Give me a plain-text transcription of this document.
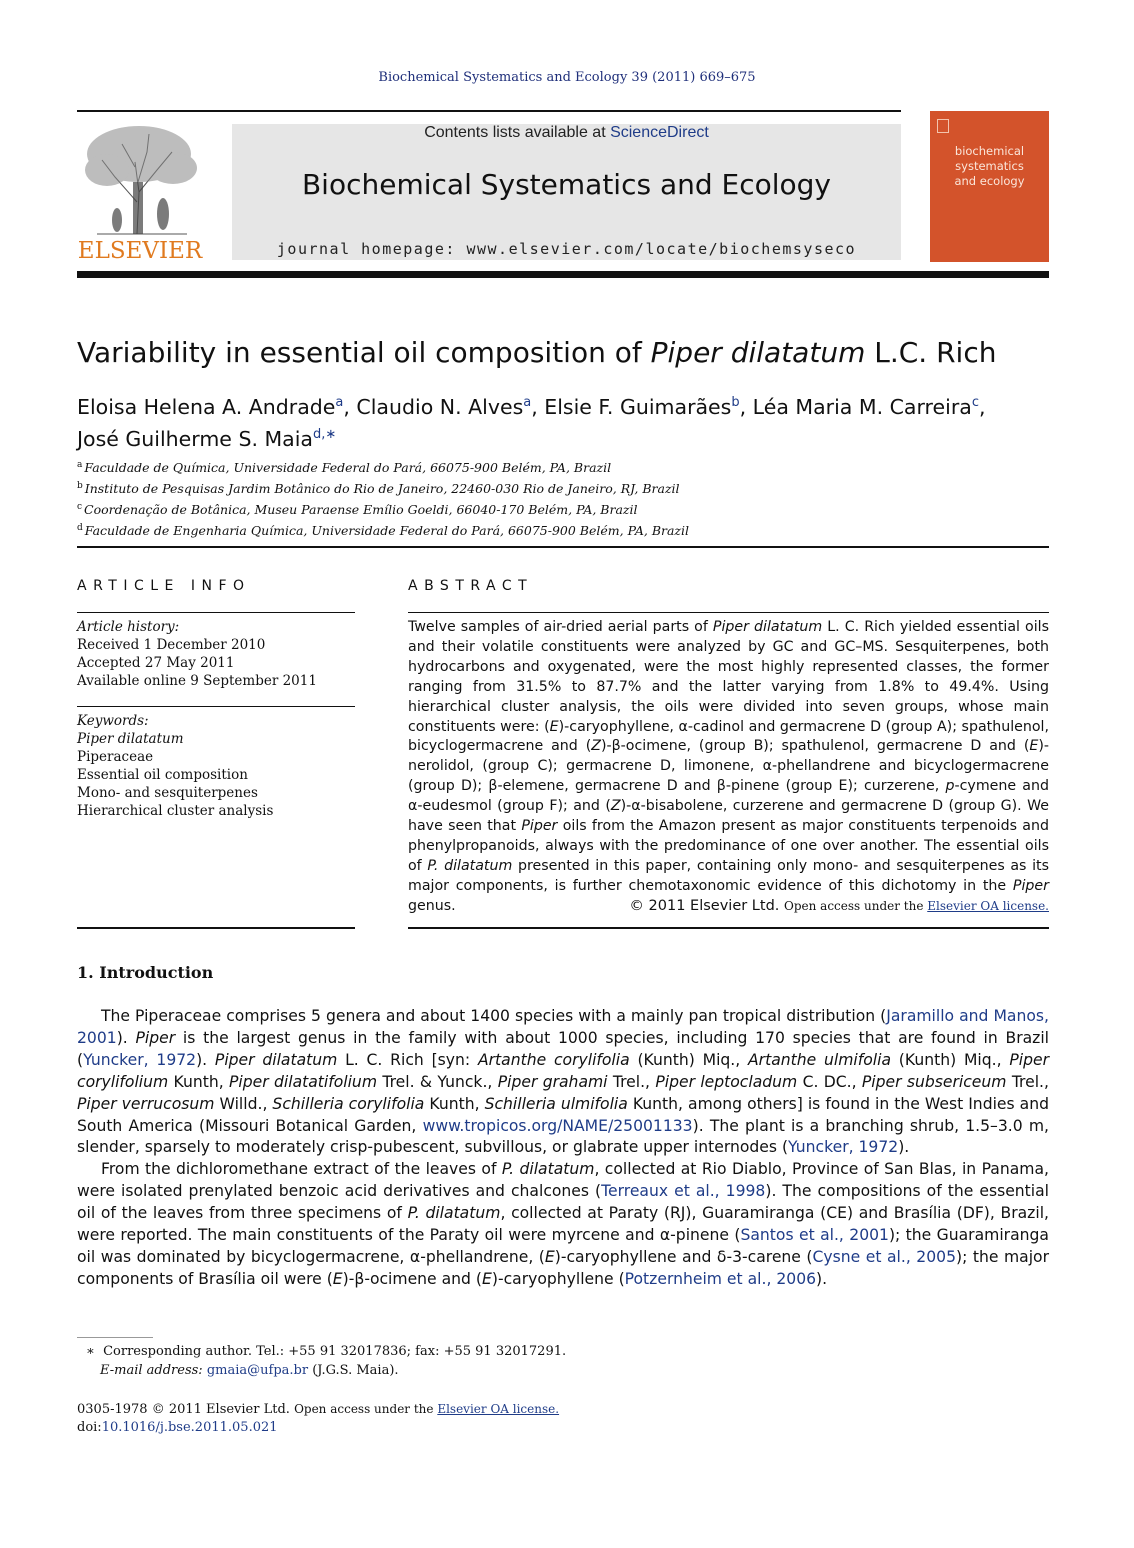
Biochemical Systematics and Ecology 39 (2011) 669–675
ELSEVIER
Contents lists available at ScienceDirect
Biochemical Systematics and Ecology
journal homepage: www.elsevier.com/locate/biochemsyseco
biochemical
systematics
and ecology
Variability in essential oil composition of Piper dilatatum L.C. Rich
Eloisa Helena A. Andrade$^a$, Claudio N. Alves$^a$, Elsie F. Guimarães$^b$, Léa Maria M. Carreira$^c$,
José Guilherme S. Maia$^{d,∗}$
$^a$ Faculdade de Química, Universidade Federal do Pará, 66075-900 Belém, PA, Brazil
$^b$ Instituto de Pesquisas Jardim Botânico do Rio de Janeiro, 22460-030 Rio de Janeiro, RJ, Brazil
$^c$ Coordenação de Botânica, Museu Paraense Emílio Goeldi, 66040-170 Belém, PA, Brazil
$^d$ Faculdade de Engenharia Química, Universidade Federal do Pará, 66075-900 Belém, PA, Brazil
ARTICLE INFO
Article history:
Received 1 December 2010
Accepted 27 May 2011
Available online 9 September 2011
Keywords:
Piper dilatatum
Piperaceae
Essential oil composition
Mono- and sesquiterpenes
Hierarchical cluster analysis
ABSTRACT
Twelve samples of air-dried aerial parts of Piper dilatatum L. C. Rich yielded essential oils and their volatile constituents were analyzed by GC and GC–MS. Sesquiterpenes, both hydrocarbons and oxygenated, were the most highly represented classes, the former ranging from 31.5% to 87.7% and the latter varying from 1.8% to 49.4%. Using hierarchical cluster analysis, the oils were divided into seven groups, whose main constituents were: (E)-caryophyllene, α-cadinol and germacrene D (group A); spathulenol, bicyclogermacrene and (Z)-β-ocimene, (group B); spathulenol, germacrene D and (E)-nerolidol, (group C); germacrene D, limonene, α-phellandrene and bicyclogermacrene (group D); β-elemene, germacrene D and β-pinene (group E); curzerene, p-cymene and α-eudesmol (group F); and (Z)-α-bisabolene, curzerene and germacrene D (group G). We have seen that Piper oils from the Amazon present as major constituents terpenoids and phenylpropanoids, always with the predominance of one over another. The essential oils of P. dilatatum presented in this paper, containing only mono- and sesquiterpenes as its major components, is further chemotaxonomic evidence of this dichotomy in the Piper genus.	© 2011 Elsevier Ltd. Open access under the Elsevier OA license.
1. Introduction

The Piperaceae comprises 5 genera and about 1400 species with a mainly pan tropical distribution (Jaramillo and Manos, 2001). Piper is the largest genus in the family with about 1000 species, including 170 species that are found in Brazil (Yuncker, 1972). Piper dilatatum L. C. Rich [syn: Artanthe corylifolia (Kunth) Miq., Artanthe ulmifolia (Kunth) Miq., Piper corylifolium Kunth, Piper dilatatifolium Trel. & Yunck., Piper grahami Trel., Piper leptocladum C. DC., Piper subsericeum Trel., Piper verrucosum Willd., Schilleria corylifolia Kunth, Schilleria ulmifolia Kunth, among others] is found in the West Indies and South America (Missouri Botanical Garden, www.tropicos.org/NAME/25001133). The plant is a branching shrub, 1.5–3.0 m, slender, sparsely to moderately crisp-pubescent, subvillous, or glabrate upper internodes (Yuncker, 1972).

From the dichloromethane extract of the leaves of P. dilatatum, collected at Rio Diablo, Province of San Blas, in Panama, were isolated prenylated benzoic acid derivatives and chalcones (Terreaux et al., 1998). The compositions of the essential oil of the leaves from three specimens of P. dilatatum, collected at Paraty (RJ), Guaramiranga (CE) and Brasília (DF), Brazil, were reported. The main constituents of the Paraty oil were myrcene and α-pinene (Santos et al., 2001); the Guaramiranga oil was dominated by bicyclogermacrene, α-phellandrene, (E)-caryophyllene and δ-3-carene (Cysne et al., 2005); the major components of Brasília oil were (E)-β-ocimene and (E)-caryophyllene (Potzernheim et al., 2006).

∗ Corresponding author. Tel.: +55 91 32017836; fax: +55 91 32017291.
E-mail address: gmaia@ufpa.br (J.G.S. Maia).
0305-1978 © 2011 Elsevier Ltd. Open access under the Elsevier OA license.
doi:10.1016/j.bse.2011.05.021
